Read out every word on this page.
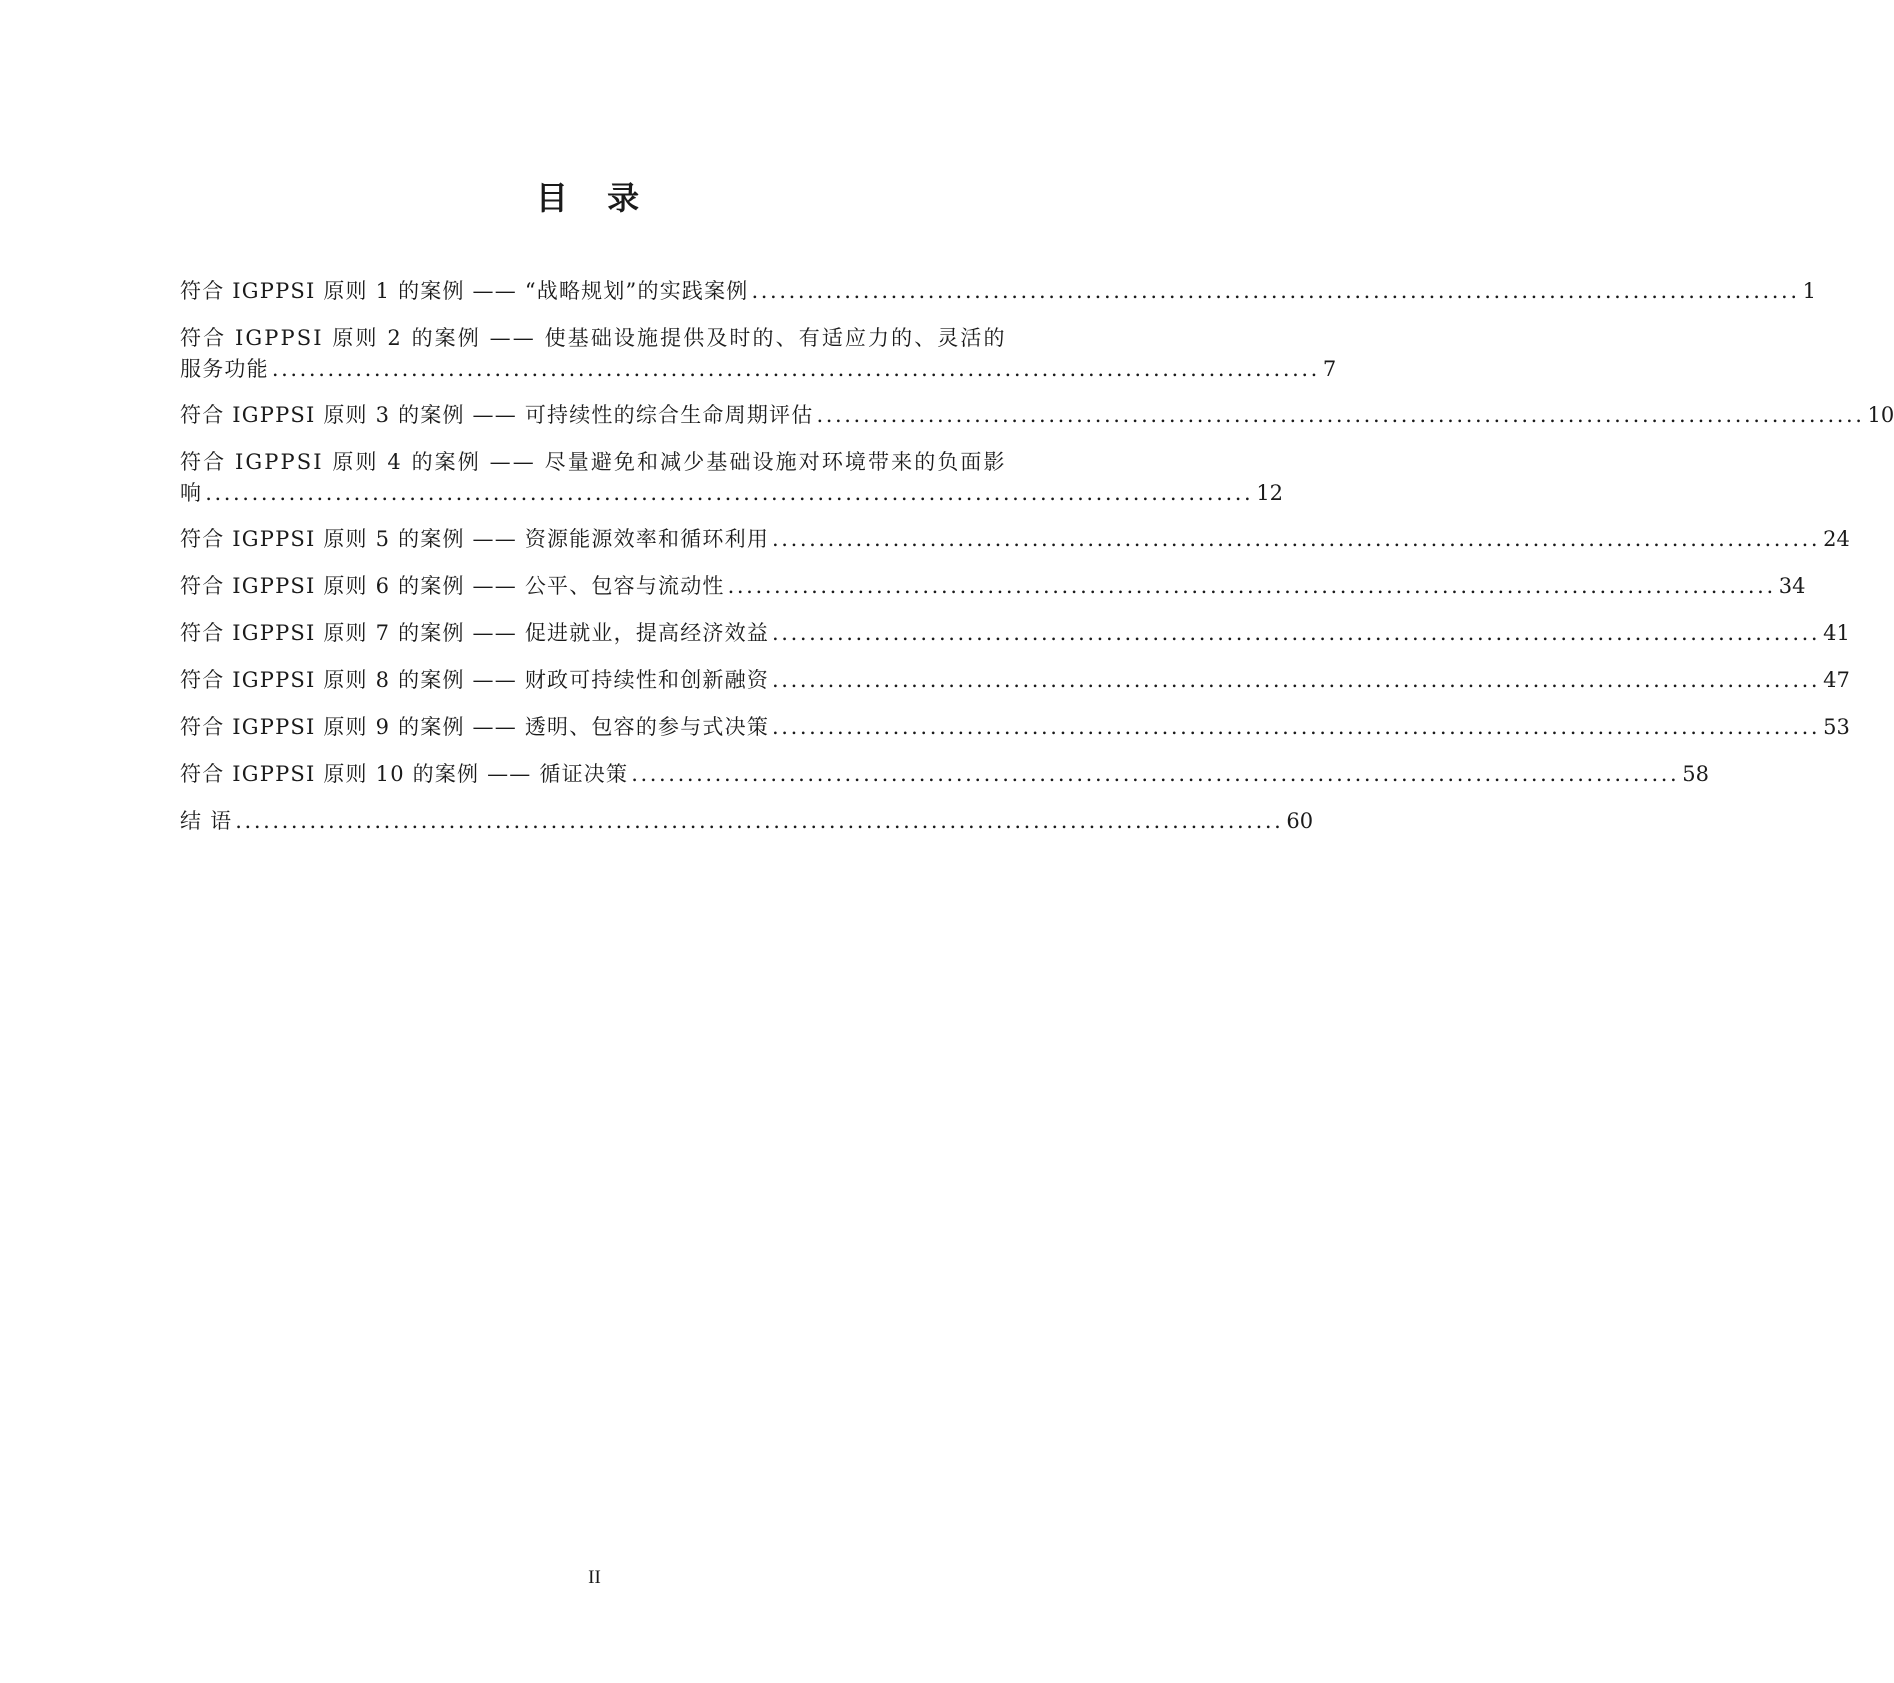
目 录
符合 IGPPSI 原则 1 的案例 —— “战略规划”的实践案例 ................................................................................................................. 1
符合 IGPPSI 原则 2 的案例 —— 使基础设施提供及时的、有适应力的、灵活的
服务功能 ................................................................................................................. 7
符合 IGPPSI 原则 3 的案例 —— 可持续性的综合生命周期评估 ................................................................................................................. 10
符合 IGPPSI 原则 4 的案例 —— 尽量避免和减少基础设施对环境带来的负面影
响 ................................................................................................................. 12
符合 IGPPSI 原则 5 的案例 —— 资源能源效率和循环利用 ................................................................................................................. 24
符合 IGPPSI 原则 6 的案例 —— 公平、包容与流动性 ................................................................................................................. 34
符合 IGPPSI 原则 7 的案例 —— 促进就业，提高经济效益 ................................................................................................................. 41
符合 IGPPSI 原则 8 的案例 —— 财政可持续性和创新融资 ................................................................................................................. 47
符合 IGPPSI 原则 9 的案例 —— 透明、包容的参与式决策 ................................................................................................................. 53
符合 IGPPSI 原则 10 的案例 —— 循证决策 ................................................................................................................. 58
结 语 ................................................................................................................. 60
II
